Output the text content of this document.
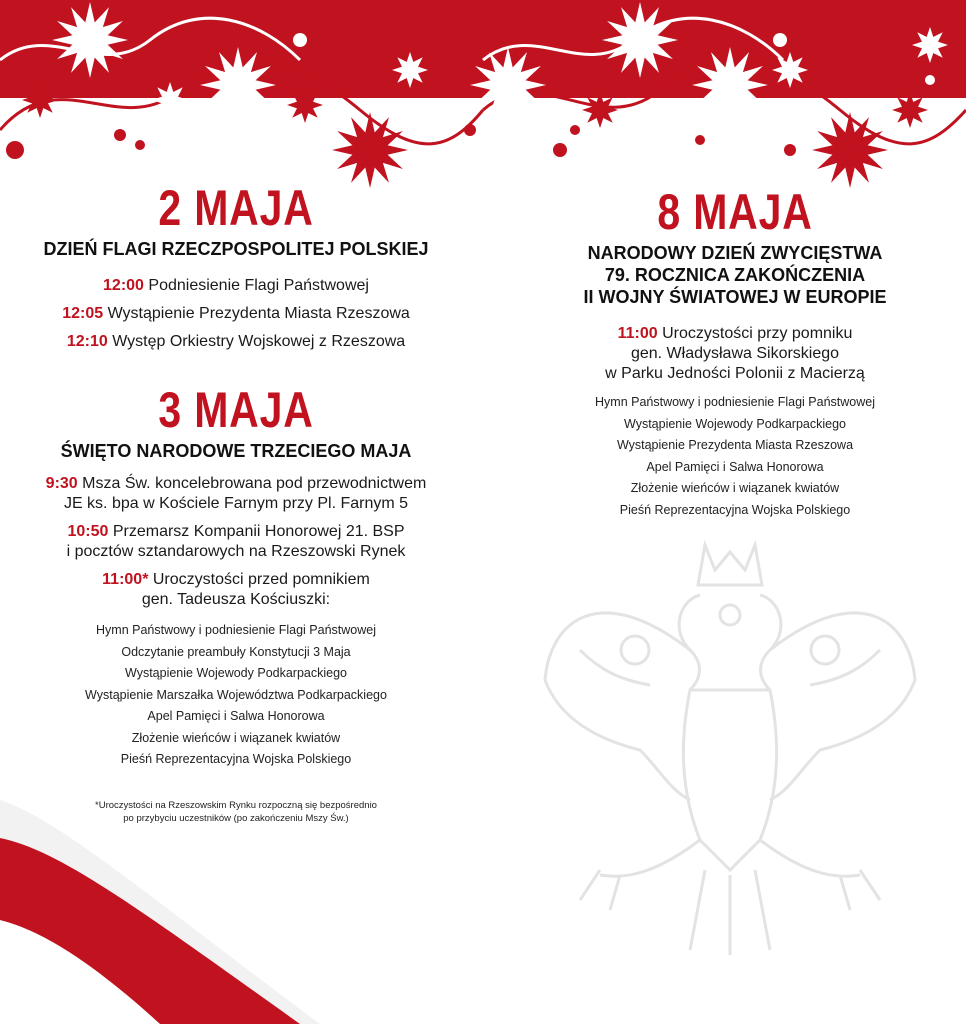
2 MAJA

DZIEŃ FLAGI RZECZPOSPOLITEJ POLSKIEJ

12:00 Podniesienie Flagi Państwowej

12:05 Wystąpienie Prezydenta Miasta Rzeszowa

12:10 Występ Orkiestry Wojskowej z Rzeszowa

3 MAJA

ŚWIĘTO NARODOWE TRZECIEGO MAJA

9:30 Msza Św. koncelebrowana pod przewodnictwem
JE ks. bpa w Kościele Farnym przy Pl. Farnym 5

10:50 Przemarsz Kompanii Honorowej 21. BSP
i pocztów sztandarowych na Rzeszowski Rynek

11:00* Uroczystości przed pomnikiem
gen. Tadeusza Kościuszki:

Hymn Państwowy i podniesienie Flagi Państwowej

Odczytanie preambuły Konstytucji 3 Maja

Wystąpienie Wojewody Podkarpackiego

Wystąpienie Marszałka Województwa Podkarpackiego

Apel Pamięci i Salwa Honorowa

Złożenie wieńców i wiązanek kwiatów

Pieśń Reprezentacyjna Wojska Polskiego

*Uroczystości na Rzeszowskim Rynku rozpoczną się bezpośrednio

po przybyciu uczestników (po zakończeniu Mszy Św.)

8 MAJA

NARODOWY DZIEŃ ZWYCIĘSTWA

79. ROCZNICA ZAKOŃCZENIA

II WOJNY ŚWIATOWEJ W EUROPIE

11:00 Uroczystości przy pomniku
gen. Władysława Sikorskiego
w Parku Jedności Polonii z Macierzą

Hymn Państwowy i podniesienie Flagi Państwowej

Wystąpienie Wojewody Podkarpackiego

Wystąpienie Prezydenta Miasta Rzeszowa

Apel Pamięci i Salwa Honorowa

Złożenie wieńców i wiązanek kwiatów

Pieśń Reprezentacyjna Wojska Polskiego
